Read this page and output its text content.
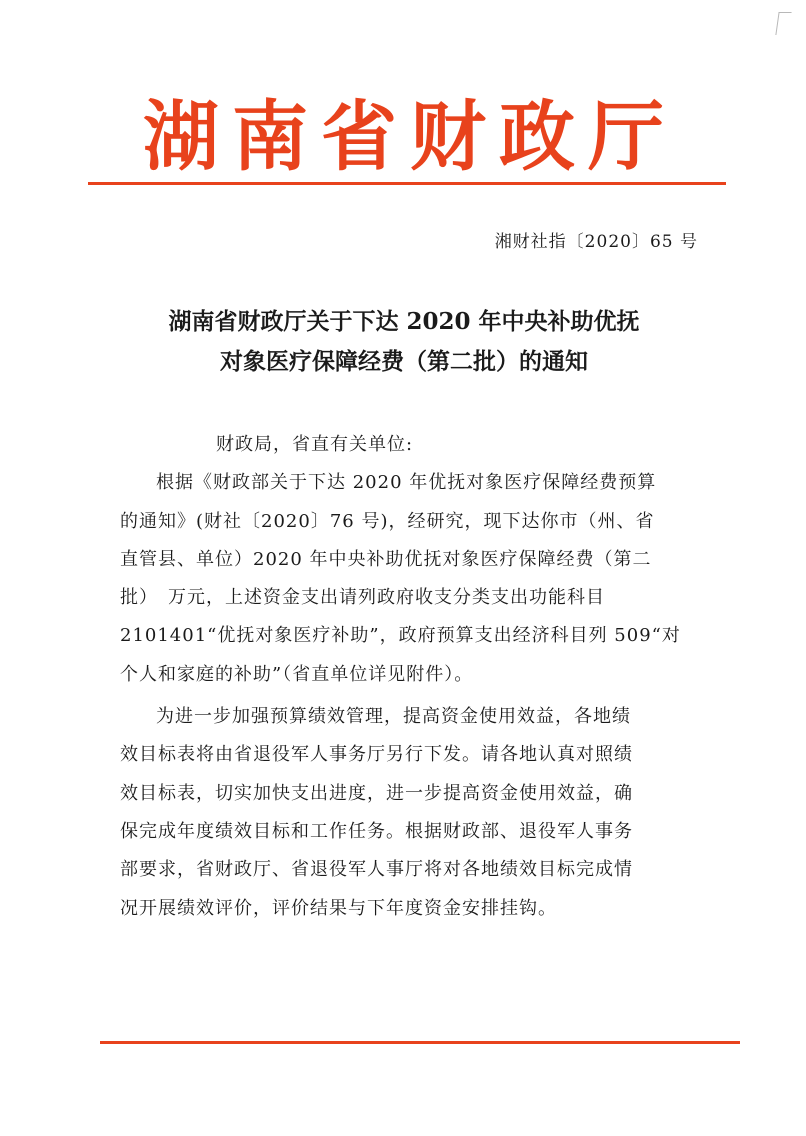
湖南省财政厅
湘财社指〔2020〕65 号
湖南省财政厅关于下达 2020 年中央补助优抚
对象医疗保障经费（第二批）的通知

财政局，省直有关单位:

根据《财政部关于下达 2020 年优抚对象医疗保障经费预算
的通知》(财社〔2020〕76 号)，经研究，现下达你市（州、省
直管县、单位）2020 年中央补助优抚对象医疗保障经费（第二
批）　万元，上述资金支出请列政府收支分类支出功能科目
2101401“优抚对象医疗补助”，政府预算支出经济科目列 509“对
个人和家庭的补助”（省直单位详见附件）。

为进一步加强预算绩效管理，提高资金使用效益，各地绩
效目标表将由省退役军人事务厅另行下发。请各地认真对照绩
效目标表，切实加快支出进度，进一步提高资金使用效益，确
保完成年度绩效目标和工作任务。根据财政部、退役军人事务
部要求，省财政厅、省退役军人事厅将对各地绩效目标完成情
况开展绩效评价，评价结果与下年度资金安排挂钩。
